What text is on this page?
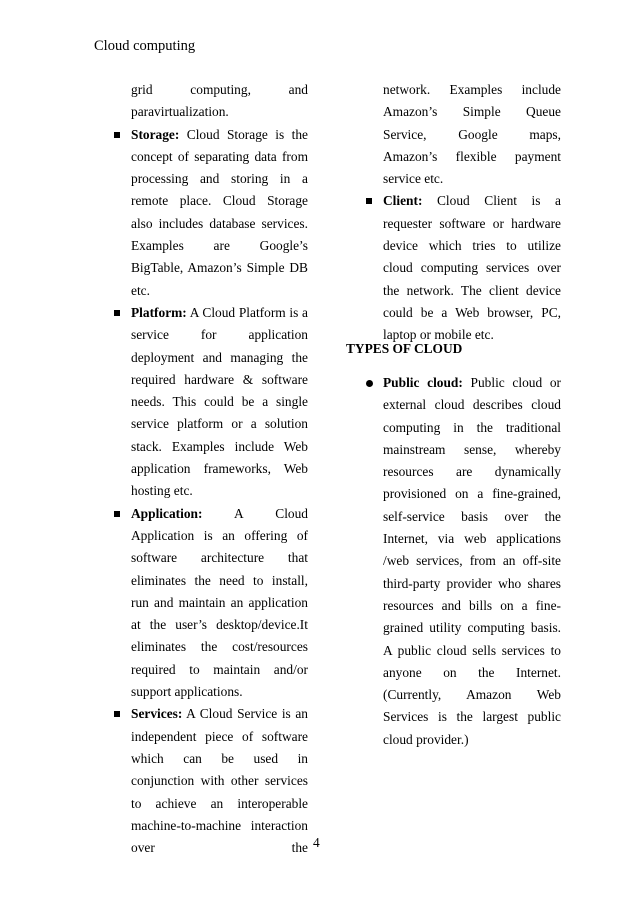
Cloud computing
grid computing, and paravirtualization.
Storage: Cloud Storage is the concept of separating data from processing and storing in a remote place. Cloud Storage also includes database services. Examples are Google’s BigTable, Amazon’s Simple DB etc.
Platform: A Cloud Platform is a service for application deployment and managing the required hardware & software needs. This could be a single service platform or a solution stack. Examples include Web application frameworks, Web hosting etc.
Application: A Cloud Application is an offering of software architecture that eliminates the need to install, run and maintain an application at the user’s desktop/device.It eliminates the cost/resources required to maintain and/or support applications.
Services: A Cloud Service is an independent piece of software which can be used in conjunction with other services to achieve an interoperable machine-to-machine interaction over the
network. Examples include Amazon’s Simple Queue Service, Google maps, Amazon’s flexible payment service etc.
Client: Cloud Client is a requester software or hardware device which tries to utilize cloud computing services over the network. The client device could be a Web browser, PC, laptop or mobile etc.
TYPES OF CLOUD
Public cloud: Public cloud or external cloud describes cloud computing in the traditional mainstream sense, whereby resources are dynamically provisioned on a fine-grained, self-service basis over the Internet, via web applications /web services, from an off-site third-party provider who shares resources and bills on a fine-grained utility computing basis. A public cloud sells services to anyone on the Internet. (Currently, Amazon Web Services is the largest public cloud provider.)
4
